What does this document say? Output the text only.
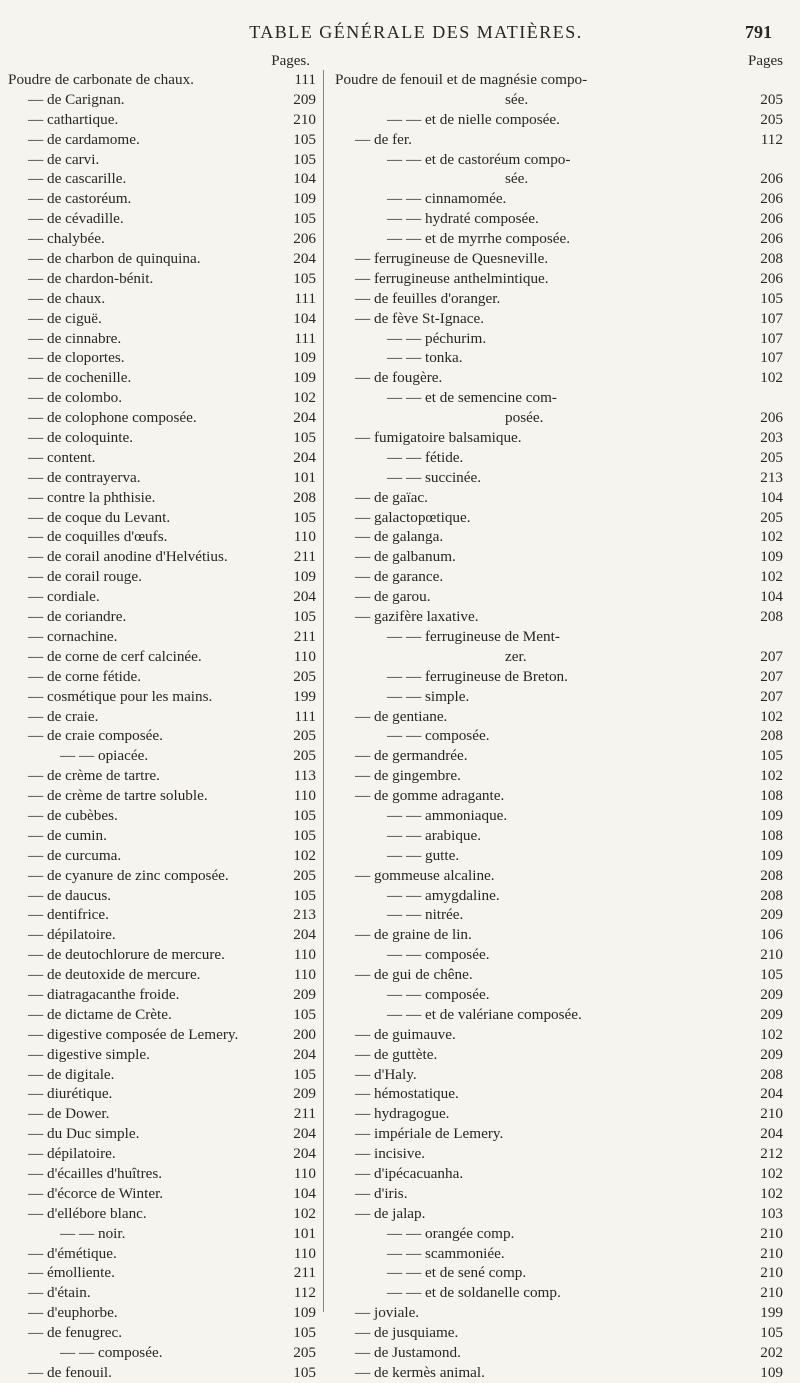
TABLE GÉNÉRALE DES MATIÈRES.	791
Pages.
Poudre de carbonate de chaux.	111
— de Carignan.	209
— cathartique.	210
— de cardamome.	105
— de carvi.	105
— de cascarille.	104
— de castoréum.	109
— de cévadille.	105
— chalybée.	206
— de charbon de quinquina.	204
— de chardon-bénit.	105
— de chaux.	111
— de ciguë.	104
— de cinnabre.	111
— de cloportes.	109
— de cochenille.	109
— de colombo.	102
— de colophone composée.	204
— de coloquinte.	105
— content.	204
— de contrayerva.	101
— contre la phthisie.	208
— de coque du Levant.	105
— de coquilles d'œufs.	110
— de corail anodine d'Helvétius.	211
— de corail rouge.	109
— cordiale.	204
— de coriandre.	105
— cornachine.	211
— de corne de cerf calcinée.	110
— de corne fétide.	205
— cosmétique pour les mains.	199
— de craie.	111
— de craie composée.	205
— — opiacée.	205
— de crème de tartre.	113
— de crème de tartre soluble.	110
— de cubèbes.	105
— de cumin.	105
— de curcuma.	102
— de cyanure de zinc composée.	205
— de daucus.	105
— dentifrice.	213
— dépilatoire.	204
— de deutochlorure de mercure.	110
— de deutoxide de mercure.	110
— diatragacanthe froide.	209
— de dictame de Crète.	105
— digestive composée de Lemery.	200
— digestive simple.	204
— de digitale.	105
— diurétique.	209
— de Dower.	211
— du Duc simple.	204
— dépilatoire.	204
— d'écailles d'huîtres.	110
— d'écorce de Winter.	104
— d'ellébore blanc.	102
— — noir.	101
— d'émétique.	110
— émolliente.	211
— d'étain.	112
— d'euphorbe.	109
— de fenugrec.	105
— — composée.	205
— de fenouil.	105
Pages
Poudre de fenouil et de magnésie compo-
sée.	205
— — et de nielle composée.	205
— de fer.	112
— — et de castoréum compo-
sée.	206
— — cinnamomée.	206
— — hydraté composée.	206
— — et de myrrhe composée.	206
— ferrugineuse de Quesneville.	208
— ferrugineuse anthelmintique.	206
— de feuilles d'oranger.	105
— de fève St-Ignace.	107
— — péchurim.	107
— — tonka.	107
— de fougère.	102
— — et de semencine com-
posée.	206
— fumigatoire balsamique.	203
— — fétide.	205
— — succinée.	213
— de gaïac.	104
— galactopœtique.	205
— de galanga.	102
— de galbanum.	109
— de garance.	102
— de garou.	104
— gazifère laxative.	208
— — ferrugineuse de Ment-
zer.	207
— — ferrugineuse de Breton.	207
— — simple.	207
— de gentiane.	102
— — composée.	208
— de germandrée.	105
— de gingembre.	102
— de gomme adragante.	108
— — ammoniaque.	109
— — arabique.	108
— — gutte.	109
— gommeuse alcaline.	208
— — amygdaline.	208
— — nitrée.	209
— de graine de lin.	106
— — composée.	210
— de gui de chêne.	105
— — composée.	209
— — et de valériane composée.	209
— de guimauve.	102
— de guttète.	209
— d'Haly.	208
— hémostatique.	204
— hydragogue.	210
— impériale de Lemery.	204
— incisive.	212
— d'ipécacuanha.	102
— d'iris.	102
— de jalap.	103
— — orangée comp.	210
— — scammoniée.	210
— — et de sené comp.	210
— — et de soldanelle comp.	210
— joviale.	199
— de jusquiame.	105
— de Justamond.	202
— de kermès animal.	109
